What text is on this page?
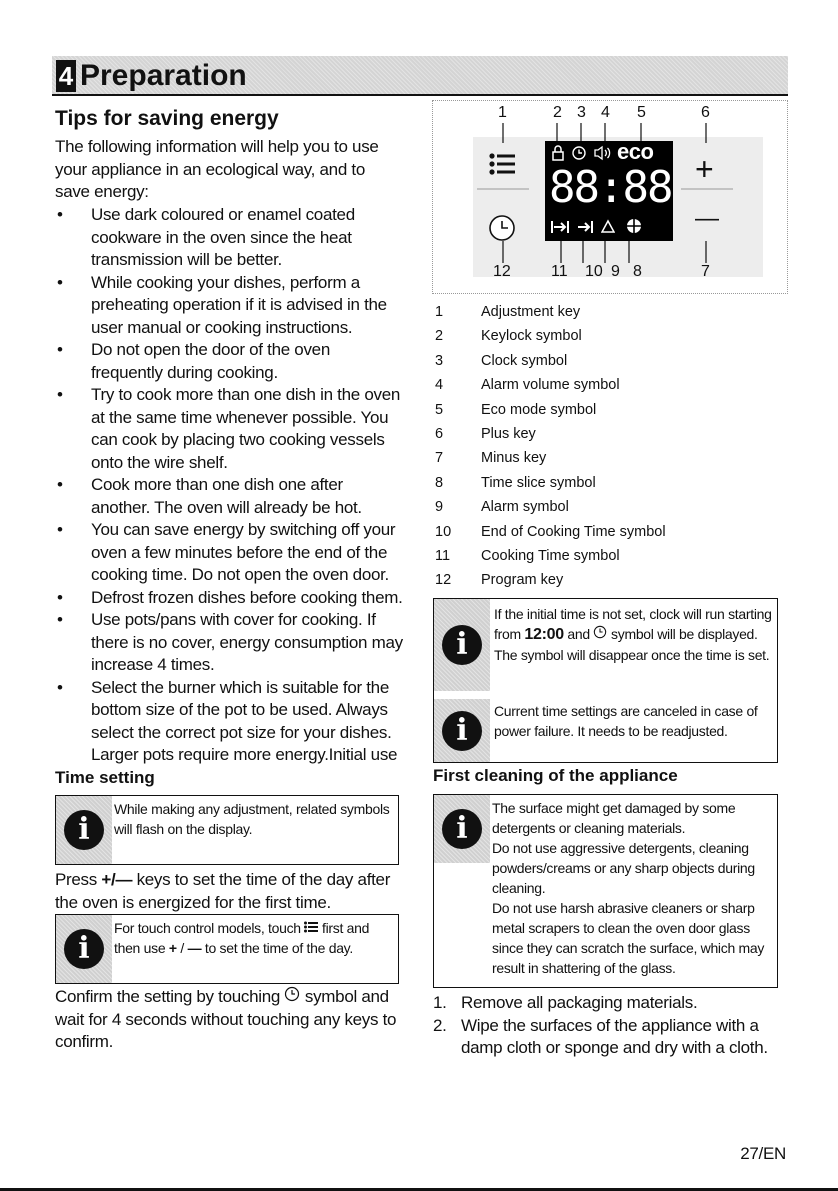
4 Preparation
Tips for saving energy
The following information will help you to use your appliance in an ecological way, and to save energy:
• Use dark coloured or enamel coated cookware in the oven since the heat transmission will be better.
• While cooking your dishes, perform a preheating operation if it is advised in the user manual or cooking instructions.
• Do not open the door of the oven frequently during cooking.
• Try to cook more than one dish in the oven at the same time whenever possible. You can cook by placing two cooking vessels onto the wire shelf.
• Cook more than one dish one after another. The oven will already be hot.
• You can save energy by switching off your oven a few minutes before the end of the cooking time. Do not open the oven door.
• Defrost frozen dishes before cooking them.
• Use pots/pans with cover for cooking. If there is no cover, energy consumption may increase 4 times.
• Select the burner which is suitable for the bottom size of the pot to be used. Always select the correct pot size for your dishes. Larger pots require more energy.Initial use
Time setting
i
While making any adjustment, related symbols will flash on the display.
Press +/— keys to set the time of the day after the oven is energized for the first time.
i
For touch control models, touch  first and then use + / — to set the time of the day.
Confirm the setting by touching  symbol and wait for 4 seconds without touching any keys to confirm.
1	2 3 4 5	6
eco
88:88 +
—
12	11 10 9 8	7
1	Adjustment key
2	Keylock symbol
3	Clock symbol
4	Alarm volume symbol
5	Eco mode symbol
6	Plus key
7	Minus key
8	Time slice symbol
9	Alarm symbol
10	End of Cooking Time symbol
11	Cooking Time symbol
12	Program key
i
If the initial time is not set, clock will run starting from 12:00 and  symbol will be displayed. The symbol will disappear once the time is set.
i
Current time settings are canceled in case of power failure. It needs to be readjusted.
First cleaning of the appliance
i
The surface might get damaged by some detergents or cleaning materials.
Do not use aggressive detergents, cleaning powders/creams or any sharp objects during cleaning.
Do not use harsh abrasive cleaners or sharp metal scrapers to clean the oven door glass since they can scratch the surface, which may result in shattering of the glass.
1. Remove all packaging materials.
2. Wipe the surfaces of the appliance with a damp cloth or sponge and dry with a cloth.
27/EN
